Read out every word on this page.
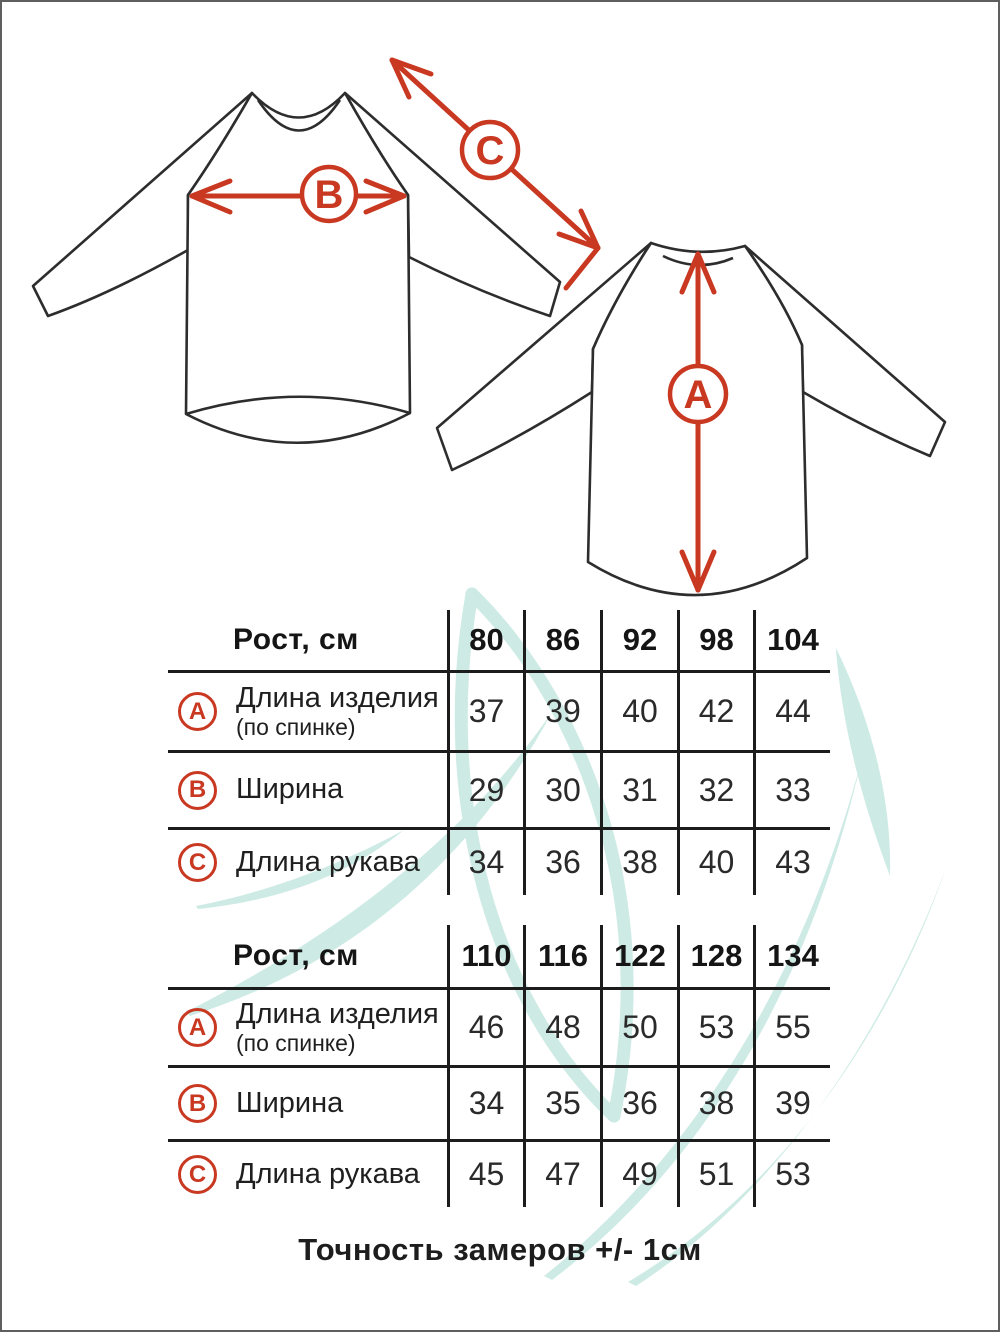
B
C
A
Рост, см	80 86 92 98 104
A Длина изделия
(по спинке)	37 39 40 42 44
B Ширина	29 30 31 32 33
C Длина рукава 34 36 38 40 43
Рост, см	110 116 122 128 134
A Длина изделия
(по спинке)	46 48 50 53 55
B Ширина	34 35 36 38 39
C Длина рукава 45 47 49 51 53
Точность замеров +/- 1см
